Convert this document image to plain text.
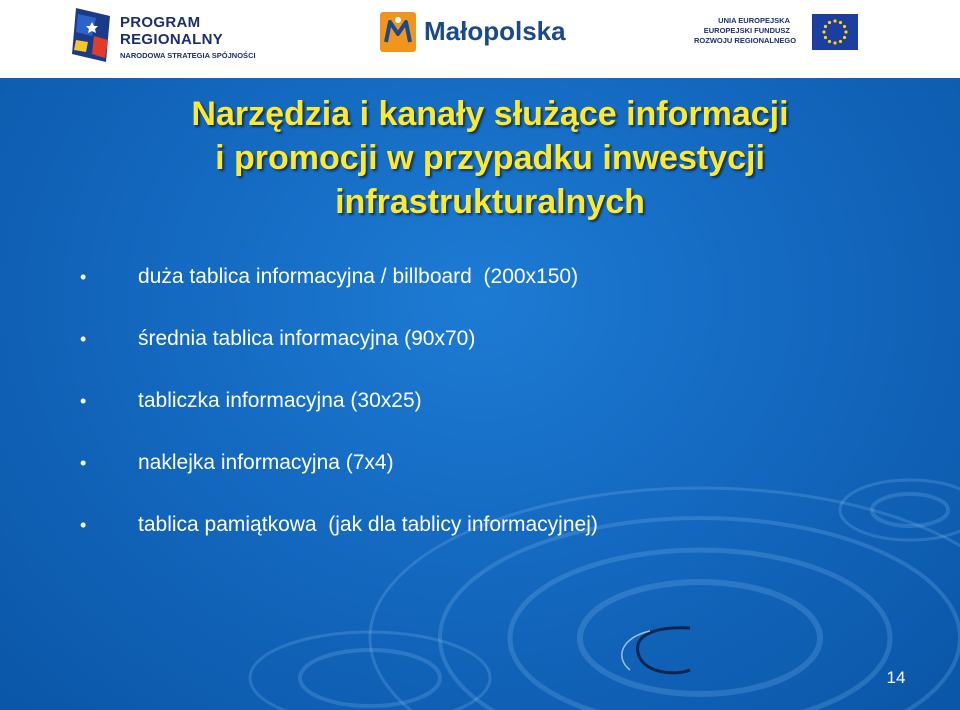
PROGRAM
REGIONALNY
NARODOWA STRATEGIA SPÓJNOŚCI
Małopolska	UNIA EUROPEJSKA
EUROPEJSKI FUNDUSZ
ROZWOJU REGIONALNEGO
Narzędzia i kanały służące informacji
i promocji w przypadku inwestycji
infrastrukturalnych
•	duża tablica informacyjna / billboard  (200x150)
•	średnia tablica informacyjna (90x70)
•	tabliczka informacyjna (30x25)
•	naklejka informacyjna (7x4)
•	tablica pamiątkowa  (jak dla tablicy informacyjnej)
14
